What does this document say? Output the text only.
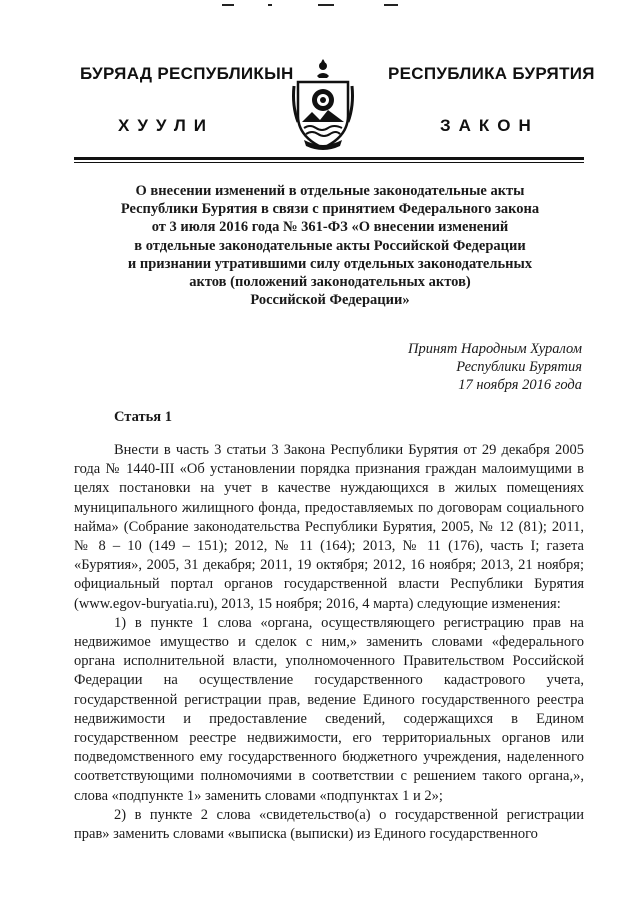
БУРЯАД РЕСПУБЛИКЫН
ХУУЛИ
РЕСПУБЛИКА БУРЯТИЯ
ЗАКОН
О внесении изменений в отдельные законодательные акты
Республики Бурятия в связи с принятием Федерального закона
от 3 июля 2016 года № 361-ФЗ «О внесении изменений
в отдельные законодательные акты Российской Федерации
и признании утратившими силу отдельных законодательных
актов (положений законодательных актов)
Российской Федерации»
Принят Народным Хуралом
Республики Бурятия
17 ноября 2016 года
Статья 1

Внести в часть 3 статьи 3 Закона Республики Бурятия от 29 декабря 2005 года № 1440-III «Об установлении порядка признания граждан малоимущими в целях постановки на учет в качестве нуждающихся в жилых помещениях муниципального жилищного фонда, предоставляемых по договорам социального найма» (Собрание законодательства Республики Бурятия, 2005, № 12 (81); 2011, № 8 – 10 (149 – 151); 2012, № 11 (164); 2013, № 11 (176), часть I; газета «Бурятия», 2005, 31 декабря; 2011, 19 октября; 2012, 16 ноября; 2013, 21 ноября; официальный портал органов государственной власти Республики Бурятия (www.egov-buryatia.ru), 2013, 15 ноября; 2016, 4 марта) следующие изменения:

1) в пункте 1 слова «органа, осуществляющего регистрацию прав на недвижимое имущество и сделок с ним,» заменить словами «федерального органа исполнительной власти, уполномоченного Правительством Российской Федерации на осуществление государственного кадастрового учета, государственной регистрации прав, ведение Единого государственного реестра недвижимости и предоставление сведений, содержащихся в Едином государственном реестре недвижимости, его территориальных органов или подведомственного ему государственного бюджетного учреждения, наделенного соответствующими полномочиями в соответствии с решением такого органа,», слова «подпункте 1» заменить словами «подпунктах 1 и 2»;

2) в пункте 2 слова «свидетельство(а) о государственной регистрации прав» заменить словами «выписка (выписки) из Единого государственного
